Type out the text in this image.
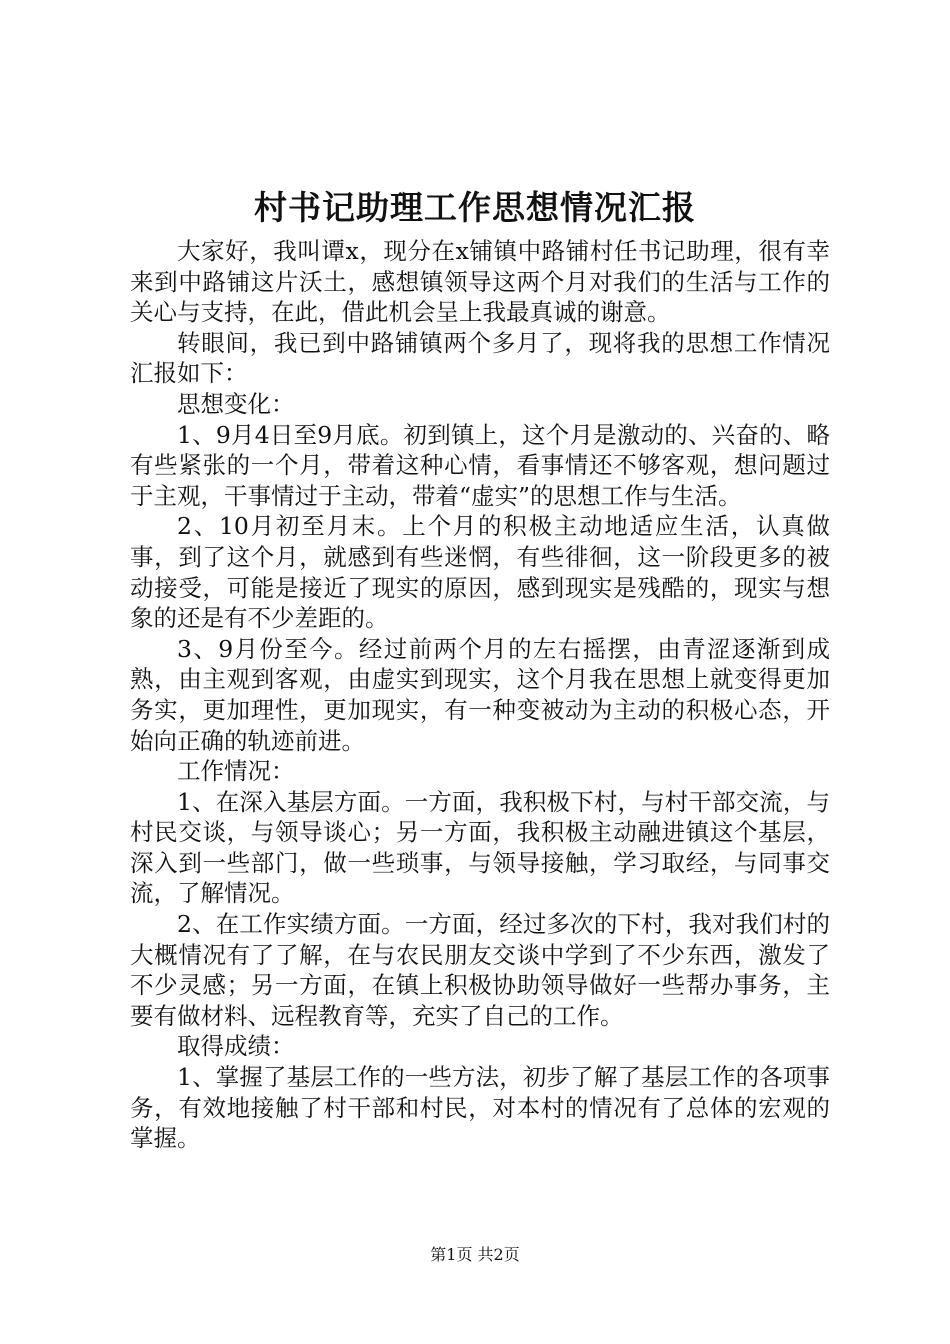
村书记助理工作思想情况汇报

大家好，我叫谭x，现分在x铺镇中路铺村任书记助理，很有幸来到中路铺这片沃土，感想镇领导这两个月对我们的生活与工作的关心与支持，在此，借此机会呈上我最真诚的谢意。

转眼间，我已到中路铺镇两个多月了，现将我的思想工作情况汇报如下：

思想变化：

1、9月4日至9月底。初到镇上，这个月是激动的、兴奋的、略有些紧张的一个月，带着这种心情，看事情还不够客观，想问题过于主观，干事情过于主动，带着“虚实”的思想工作与生活。

2、10月初至月末。上个月的积极主动地适应生活，认真做事，到了这个月，就感到有些迷惘，有些徘徊，这一阶段更多的被动接受，可能是接近了现实的原因，感到现实是残酷的，现实与想象的还是有不少差距的。

3、9月份至今。经过前两个月的左右摇摆，由青涩逐渐到成熟，由主观到客观，由虚实到现实，这个月我在思想上就变得更加务实，更加理性，更加现实，有一种变被动为主动的积极心态，开始向正确的轨迹前进。

工作情况：

1、在深入基层方面。一方面，我积极下村，与村干部交流，与村民交谈，与领导谈心；另一方面，我积极主动融进镇这个基层，深入到一些部门，做一些琐事，与领导接触，学习取经，与同事交流，了解情况。

2、在工作实绩方面。一方面，经过多次的下村，我对我们村的大概情况有了了解，在与农民朋友交谈中学到了不少东西，激发了不少灵感；另一方面，在镇上积极协助领导做好一些帮办事务，主要有做材料、远程教育等，充实了自己的工作。

取得成绩：

1、掌握了基层工作的一些方法，初步了解了基层工作的各项事务，有效地接触了村干部和村民，对本村的情况有了总体的宏观的掌握。

第1页 共2页
